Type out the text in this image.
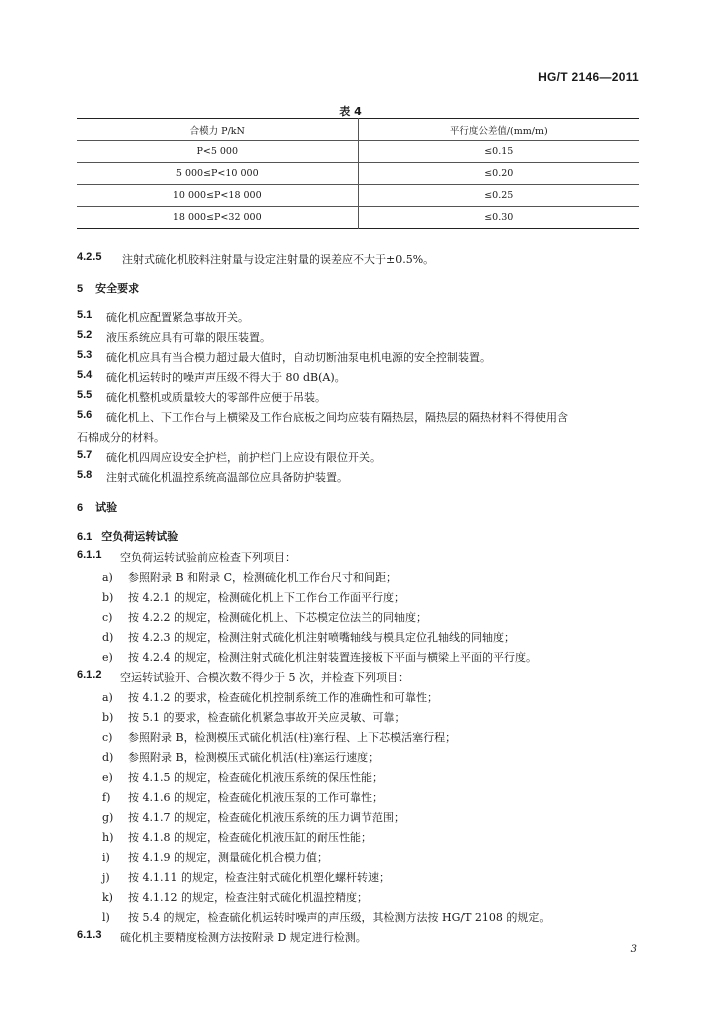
HG/T 2146—2011
表 4
合模力 P/kN	平行度公差值/(mm/m)
P<5 000	≤0.15
5 000≤P<10 000	≤0.20
10 000≤P<18 000	≤0.25
18 000≤P<32 000	≤0.30
4.2.5 注射式硫化机胶料注射量与设定注射量的误差应不大于±0.5%。
5 安全要求
5.1 硫化机应配置紧急事故开关。
5.2 液压系统应具有可靠的限压装置。
5.3 硫化机应具有当合模力超过最大值时，自动切断油泵电机电源的安全控制装置。
5.4 硫化机运转时的噪声声压级不得大于 80 dB(A)。
5.5 硫化机整机或质量较大的零部件应便于吊装。
5.6 硫化机上、下工作台与上横梁及工作台底板之间均应装有隔热层，隔热层的隔热材料不得使用含
石棉成分的材料。
5.7 硫化机四周应设安全护栏，前护栏门上应设有限位开关。
5.8 注射式硫化机温控系统高温部位应具备防护装置。
6 试验
6.1 空负荷运转试验
6.1.1 空负荷运转试验前应检查下列项目：
a) 参照附录 B 和附录 C，检测硫化机工作台尺寸和间距；
b) 按 4.2.1 的规定，检测硫化机上下工作台工作面平行度；
c) 按 4.2.2 的规定，检测硫化机上、下芯模定位法兰的同轴度；
d) 按 4.2.3 的规定，检测注射式硫化机注射喷嘴轴线与模具定位孔轴线的同轴度；
e) 按 4.2.4 的规定，检测注射式硫化机注射装置连接板下平面与横梁上平面的平行度。
6.1.2 空运转试验开、合模次数不得少于 5 次，并检查下列项目：
a) 按 4.1.2 的要求，检查硫化机控制系统工作的准确性和可靠性；
b) 按 5.1 的要求，检查硫化机紧急事故开关应灵敏、可靠；
c) 参照附录 B，检测模压式硫化机活(柱)塞行程、上下芯模活塞行程；
d) 参照附录 B，检测模压式硫化机活(柱)塞运行速度；
e) 按 4.1.5 的规定，检查硫化机液压系统的保压性能；
f) 按 4.1.6 的规定，检查硫化机液压泵的工作可靠性；
g) 按 4.1.7 的规定，检查硫化机液压系统的压力调节范围；
h) 按 4.1.8 的规定，检查硫化机液压缸的耐压性能；
i) 按 4.1.9 的规定，测量硫化机合模力值；
j) 按 4.1.11 的规定，检查注射式硫化机塑化螺杆转速；
k) 按 4.1.12 的规定，检查注射式硫化机温控精度；
l) 按 5.4 的规定，检查硫化机运转时噪声的声压级，其检测方法按 HG/T 2108 的规定。
6.1.3 硫化机主要精度检测方法按附录 D 规定进行检测。
3
